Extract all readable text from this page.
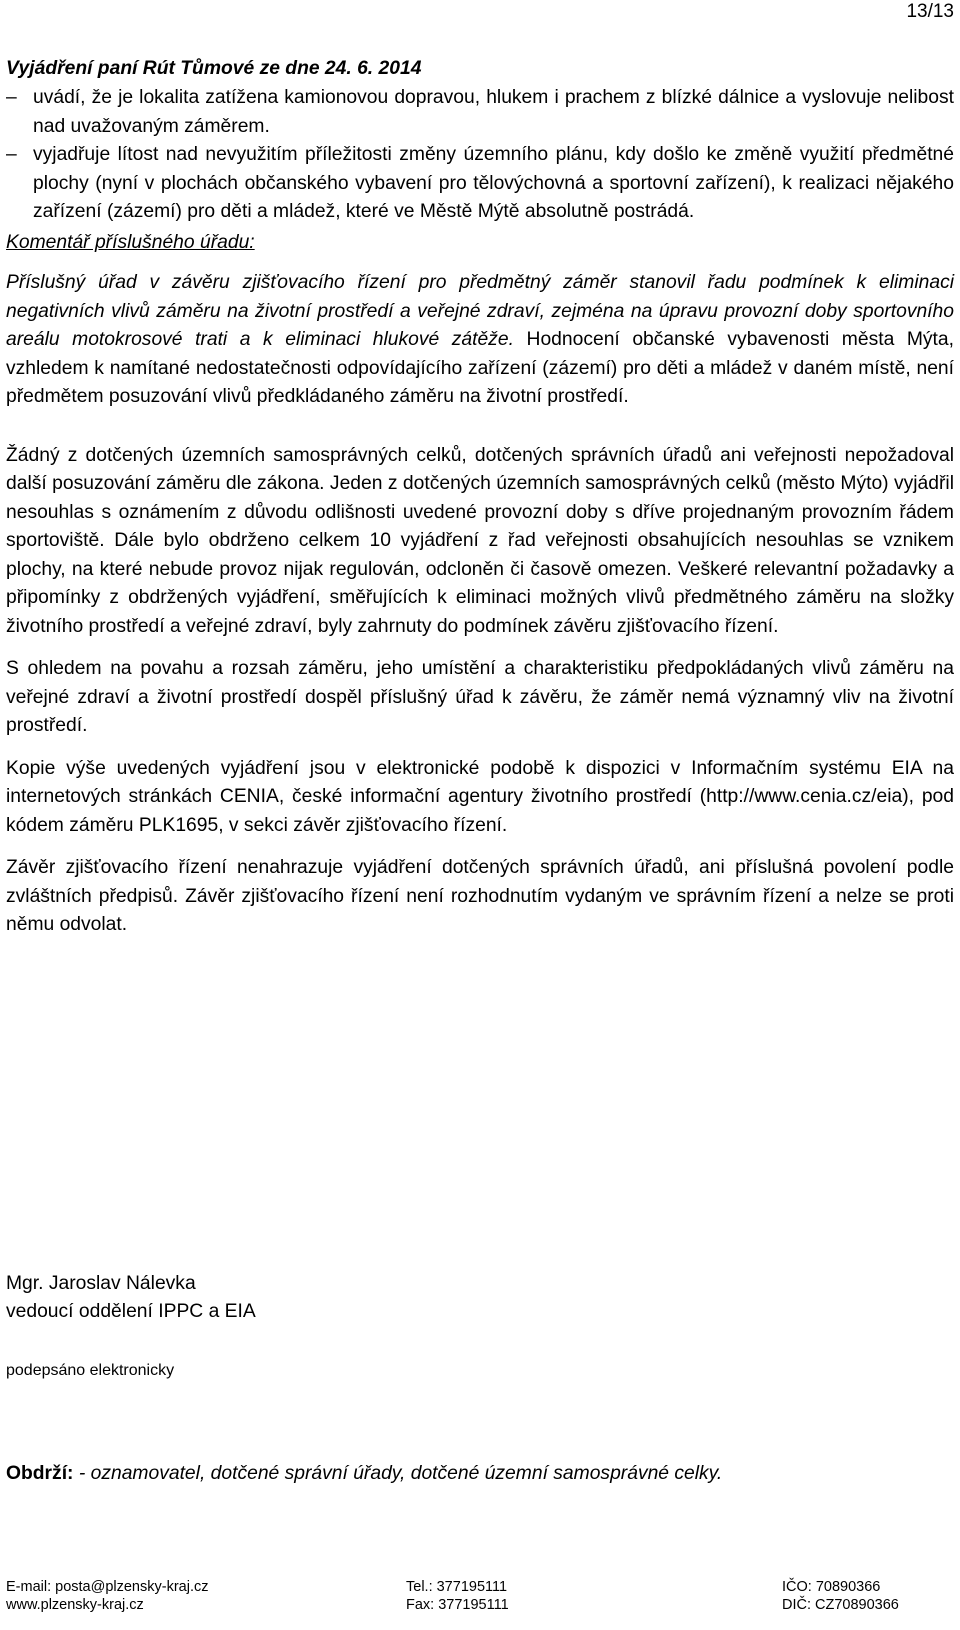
13/13
Vyjádření paní Rút Tůmové ze dne 24. 6. 2014
– uvádí, že je lokalita zatížena kamionovou dopravou, hlukem i prachem z blízké dálnice a vyslovuje nelibost nad uvažovaným záměrem.
– vyjadřuje lítost nad nevyužitím příležitosti změny územního plánu, kdy došlo ke změně využití předmětné plochy (nyní v plochách občanského vybavení pro tělovýchovná a sportovní zařízení), k realizaci nějakého zařízení (zázemí) pro děti a mládež, které ve Městě Mýtě absolutně postrádá.
Komentář příslušného úřadu:
Příslušný úřad v závěru zjišťovacího řízení pro předmětný záměr stanovil řadu podmínek k eliminaci negativních vlivů záměru na životní prostředí a veřejné zdraví, zejména na úpravu provozní doby sportovního areálu motokrosové trati a k eliminaci hlukové zátěže. Hodnocení občanské vybavenosti města Mýta, vzhledem k namítané nedostatečnosti odpovídajícího zařízení (zázemí) pro děti a mládež v daném místě, není předmětem posuzování vlivů předkládaného záměru na životní prostředí.

Žádný z dotčených územních samosprávných celků, dotčených správních úřadů ani veřejnosti nepožadoval další posuzování záměru dle zákona. Jeden z dotčených územních samosprávných celků (město Mýto) vyjádřil nesouhlas s oznámením z důvodu odlišnosti uvedené provozní doby s dříve projednaným provozním řádem sportoviště. Dále bylo obdrženo celkem 10 vyjádření z řad veřejnosti obsahujících nesouhlas se vznikem plochy, na které nebude provoz nijak regulován, odcloněn či časově omezen. Veškeré relevantní požadavky a připomínky z obdržených vyjádření, směřujících k eliminaci možných vlivů předmětného záměru na složky životního prostředí a veřejné zdraví, byly zahrnuty do podmínek závěru zjišťovacího řízení.

S ohledem na povahu a rozsah záměru, jeho umístění a charakteristiku předpokládaných vlivů záměru na veřejné zdraví a životní prostředí dospěl příslušný úřad k závěru, že záměr nemá významný vliv na životní prostředí.

Kopie výše uvedených vyjádření jsou v elektronické podobě k dispozici v Informačním systému EIA na internetových stránkách CENIA, české informační agentury životního prostředí (http://www.cenia.cz/eia), pod kódem záměru PLK1695, v sekci závěr zjišťovacího řízení.

Závěr zjišťovacího řízení nenahrazuje vyjádření dotčených správních úřadů, ani příslušná povolení podle zvláštních předpisů. Závěr zjišťovacího řízení není rozhodnutím vydaným ve správním řízení a nelze se proti němu odvolat.

Mgr. Jaroslav Nálevka
vedoucí oddělení IPPC a EIA
podepsáno elektronicky
Obdrží: - oznamovatel, dotčené správní úřady, dotčené územní samosprávné celky.
E-mail: posta@plzensky-kraj.cz
www.plzensky-kraj.cz
Tel.: 377195111
Fax: 377195111
IČO: 70890366
DIČ: CZ70890366
